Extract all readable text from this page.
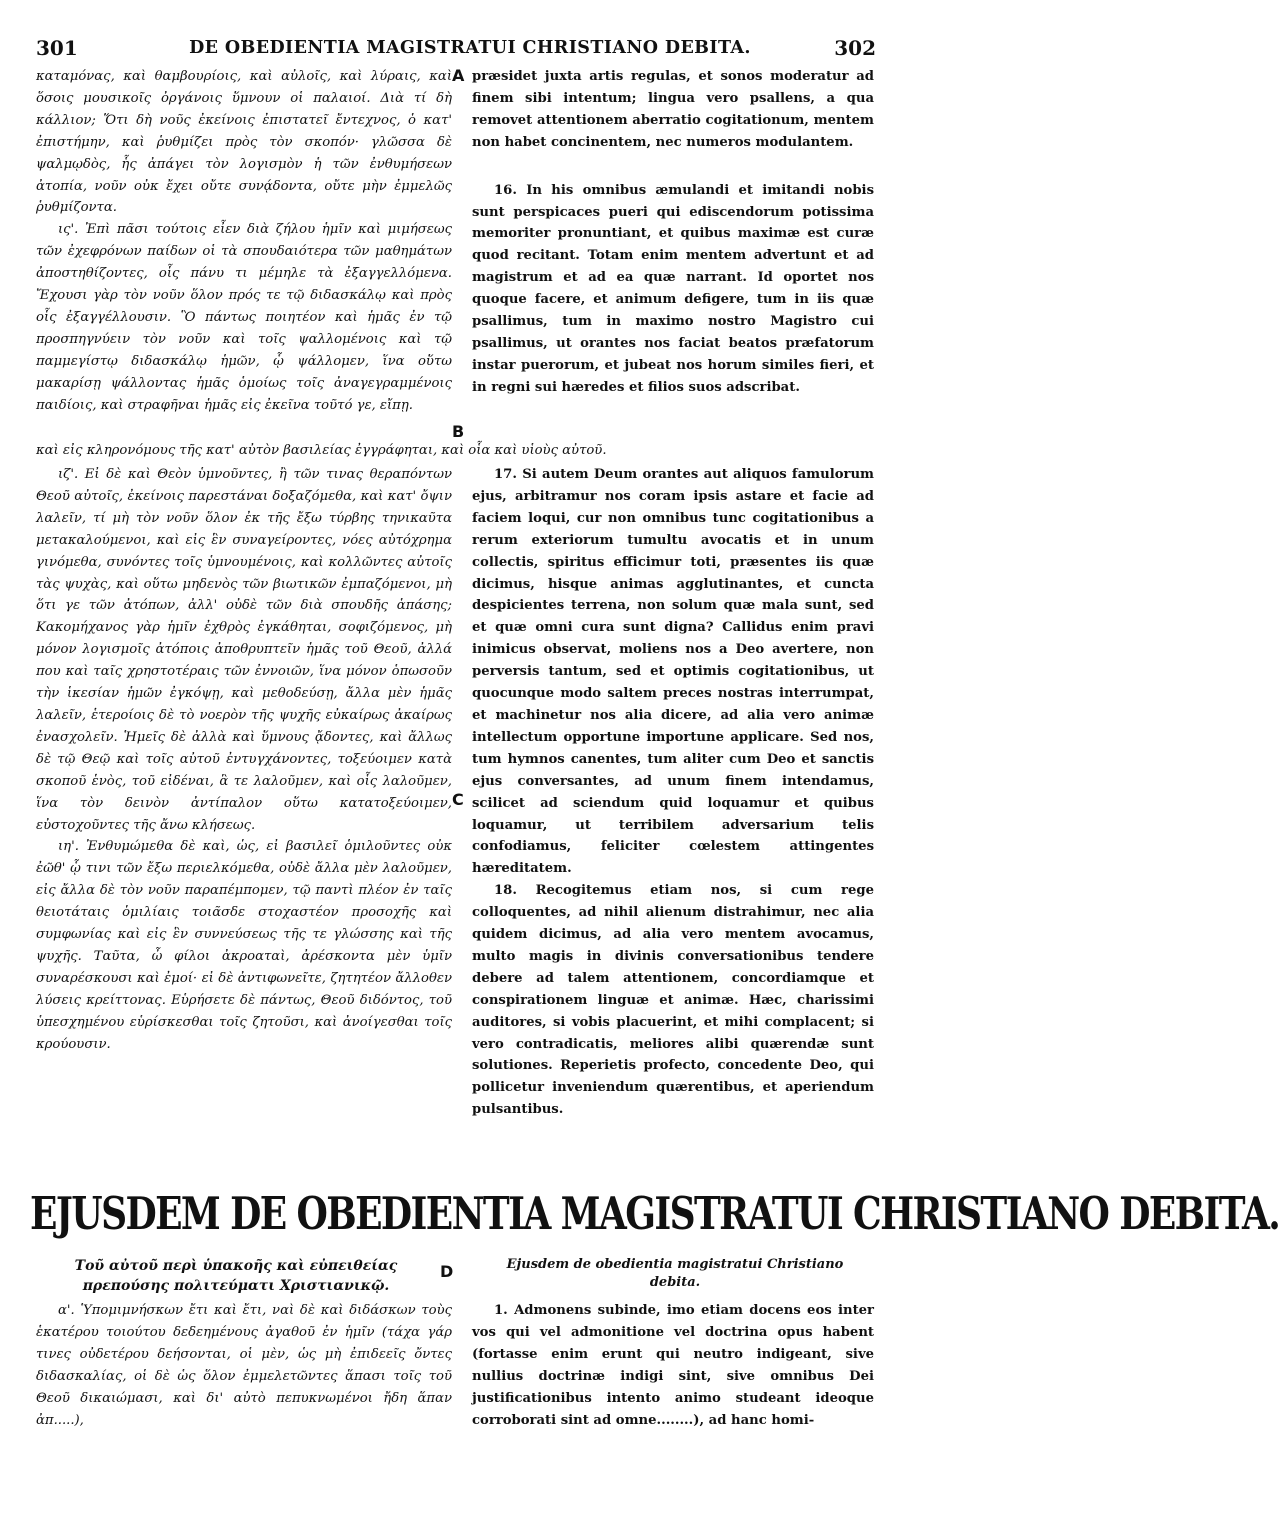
301	DE OBEDIENTIA MAGISTRATUI CHRISTIANO DEBITA.	302

καταμόνας, καὶ θαμβουρίοις, καὶ αὐλοῖς, καὶ λύραις, καὶ ὅσοις μουσικοῖς ὀργάνοις ὕμνουν οἱ παλαιοί. Διὰ τί δὴ κάλλιον; Ὅτι δὴ νοῦς ἐκείνοις ἐπιστατεῖ ἔντεχνος, ὁ κατ' ἐπιστήμην, καὶ ῥυθμίζει πρὸς τὸν σκοπόν· γλῶσσα δὲ ψαλμῳδὸς, ἧς ἀπάγει τὸν λογισμὸν ἡ τῶν ἐνθυμήσεων ἀτοπία, νοῦν οὐκ ἔχει οὔτε συνᾴδοντα, οὔτε μὴν ἐμμελῶς ῥυθμίζοντα.

ις'. Ἐπὶ πᾶσι τούτοις εἶεν διὰ ζήλου ἡμῖν καὶ μιμήσεως τῶν ἐχεφρόνων παίδων οἱ τὰ σπουδαιότερα τῶν μαθημάτων ἀποστηθίζοντες, οἷς πάνυ τι μέμηλε τὰ ἐξαγγελλόμενα. Ἔχουσι γὰρ τὸν νοῦν ὅλον πρός τε τῷ διδασκάλῳ καὶ πρὸς οἷς ἐξαγγέλλουσιν. Ὃ πάντως ποιητέον καὶ ἡμᾶς ἐν τῷ προσπηγνύειν τὸν νοῦν καὶ τοῖς ψαλλομένοις καὶ τῷ παμμεγίστῳ διδασκάλῳ ἡμῶν, ᾧ ψάλλομεν, ἵνα οὕτω μακαρίσῃ ψάλλοντας ἡμᾶς ὁμοίως τοῖς ἀναγεγραμμένοις παιδίοις, καὶ στραφῆναι ἡμᾶς εἰς ἐκεῖνα τοῦτό γε, εἴπῃ.

præsidet juxta artis regulas, et sonos moderatur ad finem sibi intentum; lingua vero psallens, a qua removet attentionem aberratio cogitationum, mentem non habet concinentem, nec numeros modulantem.

16. In his omnibus æmulandi et imitandi nobis sunt perspicaces pueri qui ediscendorum potissima memoriter pronuntiant, et quibus maximæ est curæ quod recitant. Totam enim mentem advertunt et ad magistrum et ad ea quæ narrant. Id oportet nos quoque facere, et animum defigere, tum in iis quæ psallimus, tum in maximo nostro Magistro cui psallimus, ut orantes nos faciat beatos præfatorum instar puerorum, et jubeat nos horum similes fieri, et in regni sui hæredes et filios suos adscribat.

καὶ εἰς κληρονόμους τῆς κατ' αὐτὸν βασιλείας ἐγγράφηται, καὶ οἷα καὶ υἱοὺς αὐτοῦ.

ιζ'. Εἰ δὲ καὶ Θεὸν ὑμνοῦντες, ἢ τῶν τινας θεραπόντων Θεοῦ αὐτοῖς, ἐκείνοις παρεστάναι δοξαζόμεθα, καὶ κατ' ὄψιν λαλεῖν, τί μὴ τὸν νοῦν ὅλον ἐκ τῆς ἔξω τύρβης τηνικαῦτα μετακαλούμενοι, καὶ εἰς ἓν συναγείροντες, νόες αὐτόχρημα γινόμεθα, συνόντες τοῖς ὑμνουμένοις, καὶ κολλῶντες αὐτοῖς τὰς ψυχὰς, καὶ οὕτω μηδενὸς τῶν βιωτικῶν ἐμπαζόμενοι, μὴ ὅτι γε τῶν ἀτόπων, ἀλλ' οὐδὲ τῶν διὰ σπουδῆς ἁπάσης; Κακομήχανος γὰρ ἡμῖν ἐχθρὸς ἐγκάθηται, σοφιζόμενος, μὴ μόνον λογισμοῖς ἀτόποις ἀποθρυπτεῖν ἡμᾶς τοῦ Θεοῦ, ἀλλά που καὶ ταῖς χρηστοτέραις τῶν ἐννοιῶν, ἵνα μόνον ὁπωσοῦν τὴν ἱκεσίαν ἡμῶν ἐγκόψῃ, καὶ μεθοδεύσῃ, ἄλλα μὲν ἡμᾶς λαλεῖν, ἑτεροίοις δὲ τὸ νοερὸν τῆς ψυχῆς εὐκαίρως ἀκαίρως ἐνασχολεῖν. Ἡμεῖς δὲ ἀλλὰ καὶ ὕμνους ᾄδοντες, καὶ ἄλλως δὲ τῷ Θεῷ καὶ τοῖς αὐτοῦ ἐντυγχάνοντες, τοξεύοιμεν κατὰ σκοποῦ ἑνὸς, τοῦ εἰδέναι, ἃ τε λαλοῦμεν, καὶ οἷς λαλοῦμεν, ἵνα τὸν δεινὸν ἀντίπαλον οὕτω κατατοξεύοιμεν, εὐστοχοῦντες τῆς ἄνω κλήσεως.

ιη'. Ἐνθυμώμεθα δὲ καὶ, ὡς, εἰ βασιλεῖ ὁμιλοῦντες οὐκ ἐῶθ' ᾧ τινι τῶν ἔξω περιελκόμεθα, οὐδὲ ἄλλα μὲν λαλοῦμεν, εἰς ἄλλα δὲ τὸν νοῦν παραπέμπομεν, τῷ παντὶ πλέον ἐν ταῖς θειοτάταις ὁμιλίαις τοιᾶσδε στοχαστέον προσοχῆς καὶ συμφωνίας καὶ εἰς ἓν συννεύσεως τῆς τε γλώσσης καὶ τῆς ψυχῆς. Ταῦτα, ὦ φίλοι ἀκροαταὶ, ἀρέσκοντα μὲν ὑμῖν συναρέσκουσι καὶ ἐμοί· εἰ δὲ ἀντιφωνεῖτε, ζητητέον ἄλλοθεν λύσεις κρείττονας. Εὑρήσετε δὲ πάντως, Θεοῦ διδόντος, τοῦ ὑπεσχημένου εὑρίσκεσθαι τοῖς ζητοῦσι, καὶ ἀνοίγεσθαι τοῖς κρούουσιν.

17. Si autem Deum orantes aut aliquos famulorum ejus, arbitramur nos coram ipsis astare et facie ad faciem loqui, cur non omnibus tunc cogitationibus a rerum exteriorum tumultu avocatis et in unum collectis, spiritus efficimur toti, præsentes iis quæ dicimus, hisque animas agglutinantes, et cuncta despicientes terrena, non solum quæ mala sunt, sed et quæ omni cura sunt digna? Callidus enim pravi inimicus observat, moliens nos a Deo avertere, non perversis tantum, sed et optimis cogitationibus, ut quocunque modo saltem preces nostras interrumpat, et machinetur nos alia dicere, ad alia vero animæ intellectum opportune importune applicare. Sed nos, tum hymnos canentes, tum aliter cum Deo et sanctis ejus conversantes, ad unum finem intendamus, scilicet ad sciendum quid loquamur et quibus loquamur, ut terribilem adversarium telis confodiamus, feliciter cœlestem attingentes hæreditatem.

18. Recogitemus etiam nos, si cum rege colloquentes, ad nihil alienum distrahimur, nec alia quidem dicimus, ad alia vero mentem avocamus, multo magis in divinis conversationibus tendere debere ad talem attentionem, concordiamque et conspirationem linguæ et animæ. Hæc, charissimi auditores, si vobis placuerint, et mihi complacent; si vero contradicatis, meliores alibi quærendæ sunt solutiones. Reperietis profecto, concedente Deo, qui pollicetur inveniendum quærentibus, et aperiendum pulsantibus.

A
B
C
D
EJUSDEM DE OBEDIENTIA MAGISTRATUI CHRISTIANO DEBITA.
Τοῦ αὐτοῦ περὶ ὑπακοῆς καὶ εὐπειθείας πρεπούσης πολιτεύματι Χριστιανικῷ.
Ejusdem de obedientia magistratui Christiano debita.

α'. Ὑπομιμνήσκων ἔτι καὶ ἔτι, ναὶ δὲ καὶ διδάσκων τοὺς ἑκατέρου τοιούτου δεδεημένους ἀγαθοῦ ἐν ἡμῖν (τάχα γάρ τινες οὐδετέρου δεήσονται, οἱ μὲν, ὡς μὴ ἐπιδεεῖς ὄντες διδασκαλίας, οἱ δὲ ὡς ὅλον ἐμμελετῶντες ἅπασι τοῖς τοῦ Θεοῦ δικαιώμασι, καὶ δι' αὐτὸ πεπυκνωμένοι ἤδη ἅπαν ἀπ.....),

1. Admonens subinde, imo etiam docens eos inter vos qui vel admonitione vel doctrina opus habent (fortasse enim erunt qui neutro indigeant, sive nullius doctrinæ indigi sint, sive omnibus Dei justificationibus intento animo studeant ideoque corroborati sint ad omne........), ad hanc homi-
